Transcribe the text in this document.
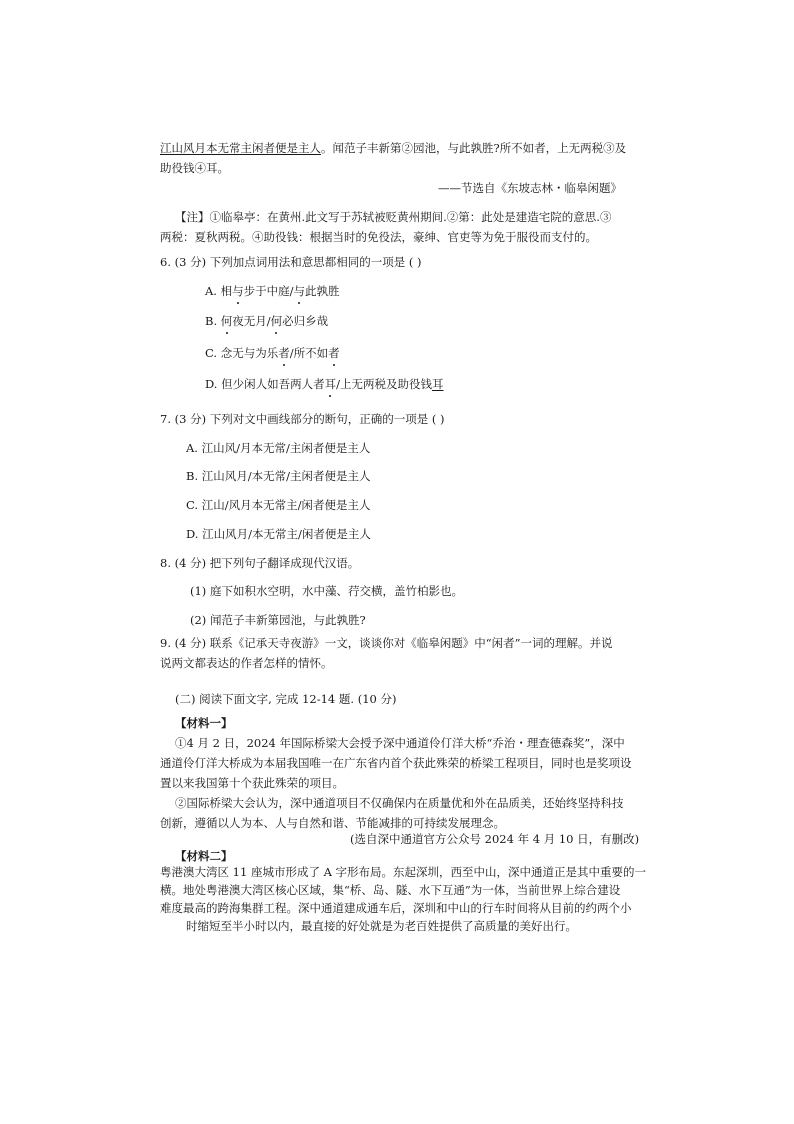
江山风月本无常主闲者便是主人。闻范子丰新第②园池，与此孰胜?所不如者，上无两税③及
助役钱④耳。
——节选自《东坡志林・临皋闲题》
【注】①临皋亭：在黄州.此文写于苏轼被贬黄州期间.②第：此处是建造宅院的意思.③
两税：夏秋两税。④助役钱：根据当时的免役法，豪绅、官吏等为免于服役而支付的。
6. (3 分) 下列加点词用法和意思都相同的一项是 ( )
A. 相与步于中庭/与此孰胜
B. 何夜无月/何必归乡哉
C. 念无与为乐者/所不如者
D. 但少闲人如吾两人者耳/上无两税及助役钱耳
7. (3 分) 下列对文中画线部分的断句，正确的一项是 ( )
A. 江山风/月本无常/主闲者便是主人
B. 江山风月/本无常/主闲者便是主人
C. 江山/风月本无常主/闲者便是主人
D. 江山风月/本无常主/闲者便是主人
8. (4 分) 把下列句子翻译成现代汉语。
(1) 庭下如积水空明，水中藻、荇交横，盖竹柏影也。
(2) 闻范子丰新第园池，与此孰胜?
9. (4 分) 联系《记承天寺夜游》一文，谈谈你对《临皋闲题》中“闲者”一词的理解。并说
说两文都表达的作者怎样的情怀。
(二) 阅读下面文字, 完成 12-14 题. (10 分)
【材料一】
①4 月 2 日，2024 年国际桥梁大会授予深中通道伶仃洋大桥“乔治・理查德森奖”，深中
通道伶仃洋大桥成为本届我国唯一在广东省内首个获此殊荣的桥梁工程项目，同时也是奖项设
置以来我国第十个获此殊荣的项目。
②国际桥梁大会认为，深中通道项目不仅确保内在质量优和外在品质美，还始终坚持科技
创新，遵循以人为本、人与自然和谐、节能减排的可持续发展理念。
(选自深中通道官方公众号 2024 年 4 月 10 日，有删改)
【材料二】
粤港澳大湾区 11 座城市形成了 A 字形布局。东起深圳，西至中山，深中通道正是其中重要的一
横。地处粤港澳大湾区核心区域，集“桥、岛、隧、水下互通”为一体，当前世界上综合建设
难度最高的跨海集群工程。深中通道建成通车后，深圳和中山的行车时间将从目前的约两个小
时缩短至半小时以内，最直接的好处就是为老百姓提供了高质量的美好出行。
